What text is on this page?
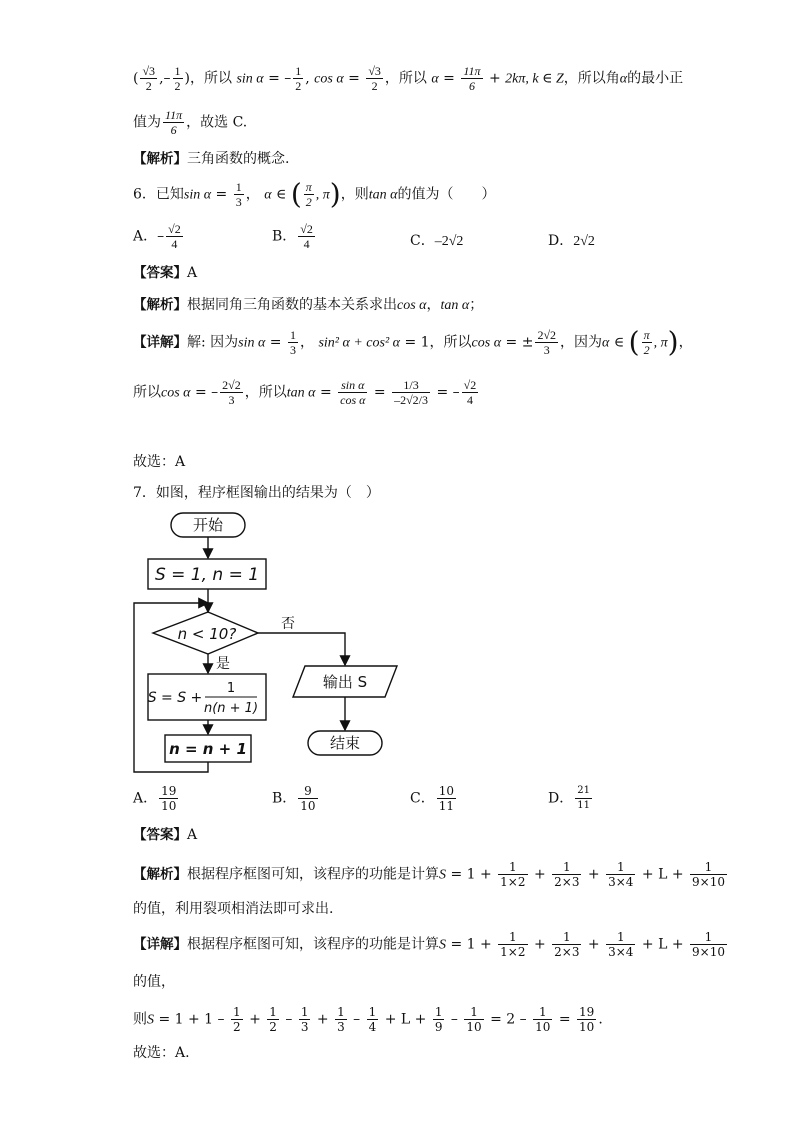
( $\frac{√3}{2}$ ,– $\frac{1}{2}$ )，所以 sin α = – $\frac{1}{2}$ , $\cos \alpha = \frac{√3}{2}$ ，所以 $\alpha = \frac{11\pi}{6} + 2k\pi$, k ∈ Z，所以角α的最小正
值为 $\frac{11\pi}{6}$ ，故选 C.
【解析】三角函数的概念.
6．已知$\sin \alpha = \frac{1}{3}$ ， α ∈ ( $\frac{\pi}{2}$ , π)，则tan α的值为（　　）
A．– $\frac{√2}{4}$	B． $\frac{√2}{4}$	C．–2√2	D．2√2
【答案】A
【解析】根据同角三角函数的基本关系求出cos α，tan α；
【详解】解: 因为$\sin \alpha = \frac{1}{3}$ ， sin² α + cos² α = 1，所以cos α = ± $\frac{2√2}{3}$ ，因为α ∈ ( $\frac{\pi}{2}$ , π)，
所以cos α = – $\frac{2√2}{3}$ ，所以$\tan \alpha = \frac{\text{sin α}}{\text{cos α}} = \frac{1/3}{-2√2/3}$ = – $\frac{√2}{4}$
故选：A
7．如图，程序框图输出的结果为（　）
开始
S = 1, n = 1
n < 10?
否
是
S = S +
1
n(n + 1)
n = n + 1
输出 S
结束
A． $\frac{19}{10}$	B． $\frac{9}{10}$	C． $\frac{10}{11}$	D． $\frac{21}{11}$
【答案】A
【解析】根据程序框图可知，该程序的功能是计算$S = 1 + \frac{1}{1\times 2} + \frac{1}{2\times 3} + \frac{1}{3\times 4} + L + \frac{1}{9\times 10}$
的值，利用裂项相消法即可求出.
【详解】根据程序框图可知，该程序的功能是计算$S = 1 + \frac{1}{1\times 2} + \frac{1}{2\times 3} + \frac{1}{3\times 4} + L + \frac{1}{9\times 10}$
的值，
则$S = 1 + 1 - \frac{1}{2} + \frac{1}{2} - \frac{1}{3} + \frac{1}{3} - \frac{1}{4} + L + \frac{1}{9} - \frac{1}{10} = 2 - \frac{1}{10} = \frac{19}{10}$ .
故选：A.
